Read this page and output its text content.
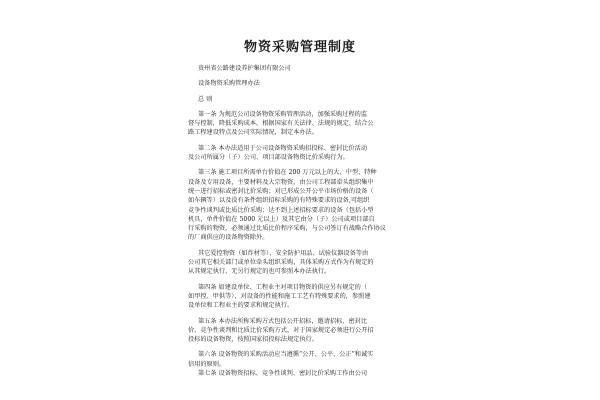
物资采购管理制度
贵州省公路建设养护集团有限公司
设备物资采购管理办法
总 则
第一条 为规范公司设备物资采购管理活动，加强采购过程的监
督与控制，降低采购成本，根据国家有关法律、法规的规定，结合公
路工程建设特点及公司实际情况，制定本办法。
第二条 本办法适用于公司设备物资采购招投标、密封比价活动
及公司所属分（子）公司、项目部设备物资比价采购行为。
第三条 施工项目所需单台价值在 200 万元以上的大、中型、特种
设备及专用设备，主要材料及大宗物资，由公司工程部牵头组织集中
统一进行招标或密封比价采购；对已形成公开公平市场价格的设备（
如车辆等）以及没有条件组织招标采购的有特殊要求的设备,可组织
竞争性谈判或比质比价采购；达不到上述招标要求的设备（包括小型
机具，单件价值在 5000 元以上）及其它由分（子）公司或项目部自
行采购的物资，必须通过比质比价程序采购，与公司签订有战略合作协议
的厂商供应的设备物资除外。
其它爱控物资（如炸材等）、安全防护用品、试验仪器设备等由
公司其它相关部门或单位牵头组织采购，具体采购方式作为有规定的
从其规定执行，无另行规定的也可参照本办法执行。
第四条 如建设单位、工程业主对项目物资的供应另有规定的（
如甲控、甲供等），对设备的性能和施工工艺有特殊要求的，参照建
设单位和工程业主的要求和规定执行。
第五条 本办法所称采购方式包括公开招标，邀请招标、密封比
价、竞争性谈判和比质比价采购方式，对于国家规定必须进行公开招
投标的设备物资，按照国家招投标法规定执行。
第六条 设备物资的采购活动应当遵循“公开、公平、公正”和诚实
信用的原则。
第七条 设备物资招标、竞争性谈判、密封比价采购工作由公司
